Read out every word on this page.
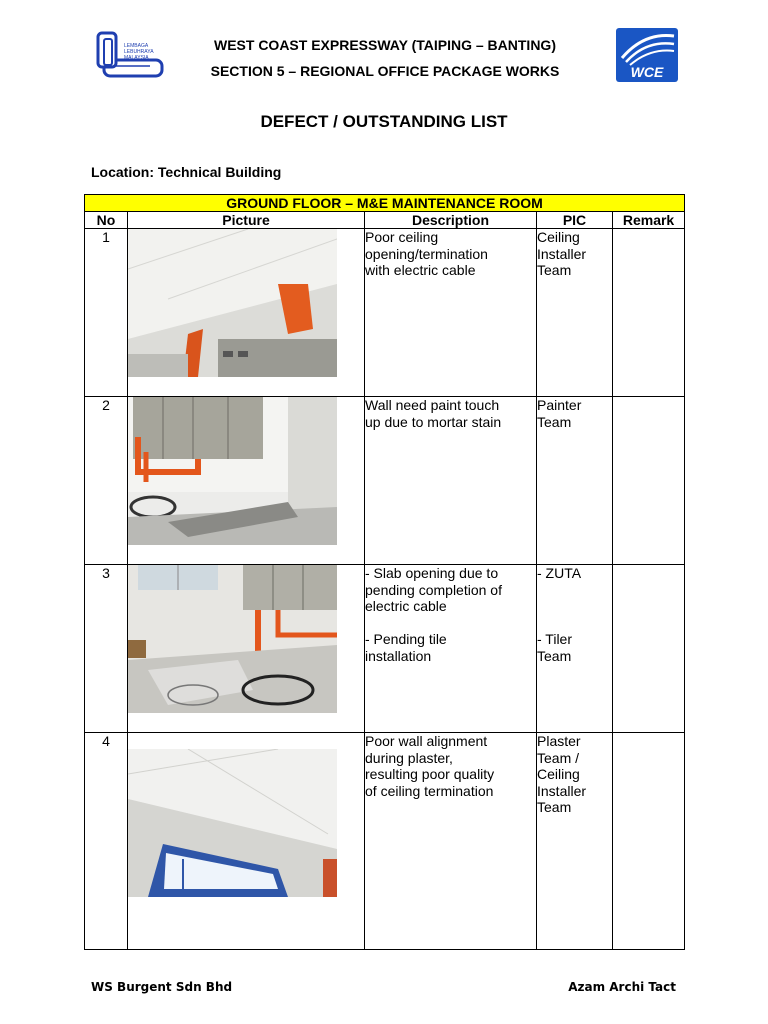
LEMBAGA
LEBUHRAYA
MALAYSIA
WEST COAST EXPRESSWAY (TAIPING – BANTING)
SECTION 5 – REGIONAL OFFICE PACKAGE WORKS	WCE
DEFECT / OUTSTANDING LIST
Location: Technical Building
GROUND FLOOR – M&E MAINTENANCE ROOM				
No	Picture	Description	PIC	Remark
1		Poor ceiling
opening/termination
with electric cable	Ceiling
Installer
Team	

2		Wall need paint touch
up due to mortar stain	Painter
Team	

3		- Slab opening due to
pending completion of
electric cable
- Pending tile
installation	- ZUTA
- Tiler
Team	

4		Poor wall alignment
during plaster,
resulting poor quality
of ceiling termination	Plaster
Team /
Ceiling
Installer
Team	

WS Burgent Sdn Bhd	Azam Archi Tact
